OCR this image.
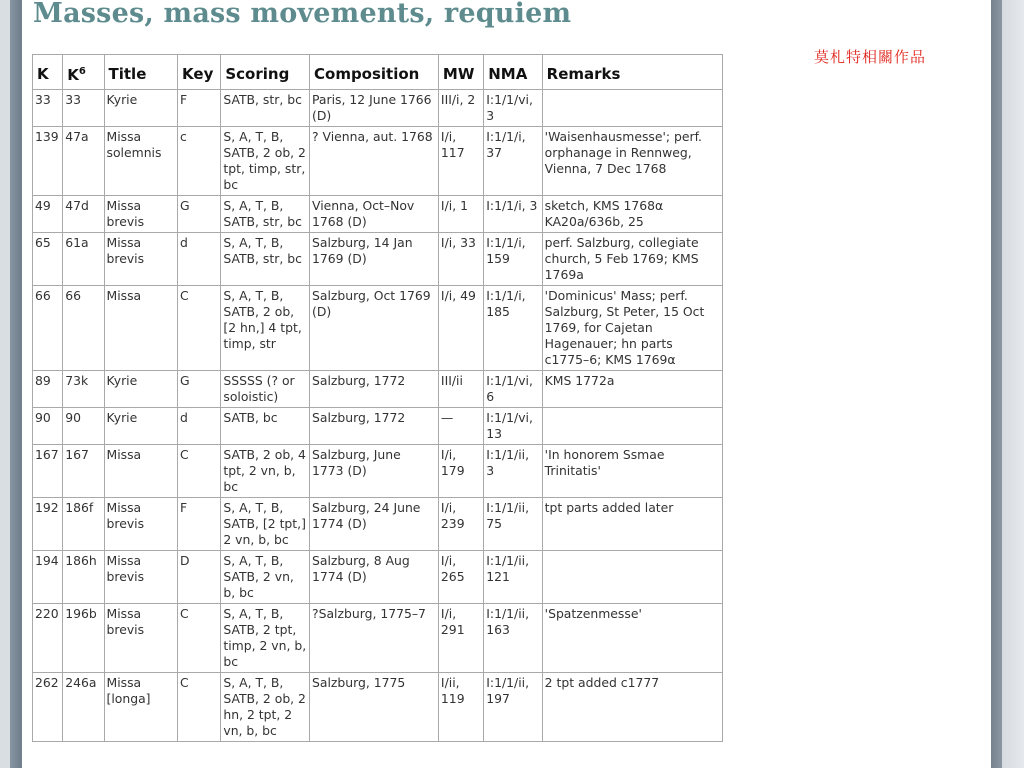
Masses, mass movements, requiem
莫札特相關作品
K	$K^6$	Title	Key	Scoring	Composition	MW	NMA	Remarks
33	33	Kyrie	F	SATB, str, bc	Paris, 12 June 1766 (D)	III/i, 2	I:1/1/vi, 3	
139	47a	Missa solemnis	c	S, A, T, B, SATB, 2 ob, 2 tpt, timp, str, bc	? Vienna, aut. 1768	I/i, 117	I:1/1/i, 37	'Waisenhausmesse'; perf. orphanage in Rennweg, Vienna, 7 Dec 1768
49	47d	Missa brevis	G	S, A, T, B, SATB, str, bc	Vienna, Oct–Nov 1768 (D)	I/i, 1	I:1/1/i, 3	sketch, KMS 1768α KA20a/636b, 25
65	61a	Missa brevis	d	S, A, T, B, SATB, str, bc	Salzburg, 14 Jan 1769 (D)	I/i, 33	I:1/1/i, 159	perf. Salzburg, collegiate church, 5 Feb 1769; KMS 1769a
66	66	Missa	C	S, A, T, B, SATB, 2 ob, [2 hn,] 4 tpt, timp, str	Salzburg, Oct 1769 (D)	I/i, 49	I:1/1/i, 185	'Dominicus' Mass; perf. Salzburg, St Peter, 15 Oct 1769, for Cajetan Hagenauer; hn parts c1775–6; KMS 1769α
89	73k	Kyrie	G	SSSSS (? or soloistic)	Salzburg, 1772	III/ii	I:1/1/vi, 6	KMS 1772a
90	90	Kyrie	d	SATB, bc	Salzburg, 1772	—	I:1/1/vi, 13	
167	167	Missa	C	SATB, 2 ob, 4 tpt, 2 vn, b, bc	Salzburg, June 1773 (D)	I/i, 179	I:1/1/ii, 3	'In honorem Ssmae Trinitatis'
192	186f	Missa brevis	F	S, A, T, B, SATB, [2 tpt,] 2 vn, b, bc	Salzburg, 24 June 1774 (D)	I/i, 239	I:1/1/ii, 75	tpt parts added later
194	186h	Missa brevis	D	S, A, T, B, SATB, 2 vn, b, bc	Salzburg, 8 Aug 1774 (D)	I/i, 265	I:1/1/ii, 121	
220	196b	Missa brevis	C	S, A, T, B, SATB, 2 tpt, timp, 2 vn, b, bc	?Salzburg, 1775–7	I/i, 291	I:1/1/ii, 163	'Spatzenmesse'
262	246a	Missa [longa]	C	S, A, T, B, SATB, 2 ob, 2 hn, 2 tpt, 2 vn, b, bc	Salzburg, 1775	I/ii, 119	I:1/1/ii, 197	2 tpt added c1777
